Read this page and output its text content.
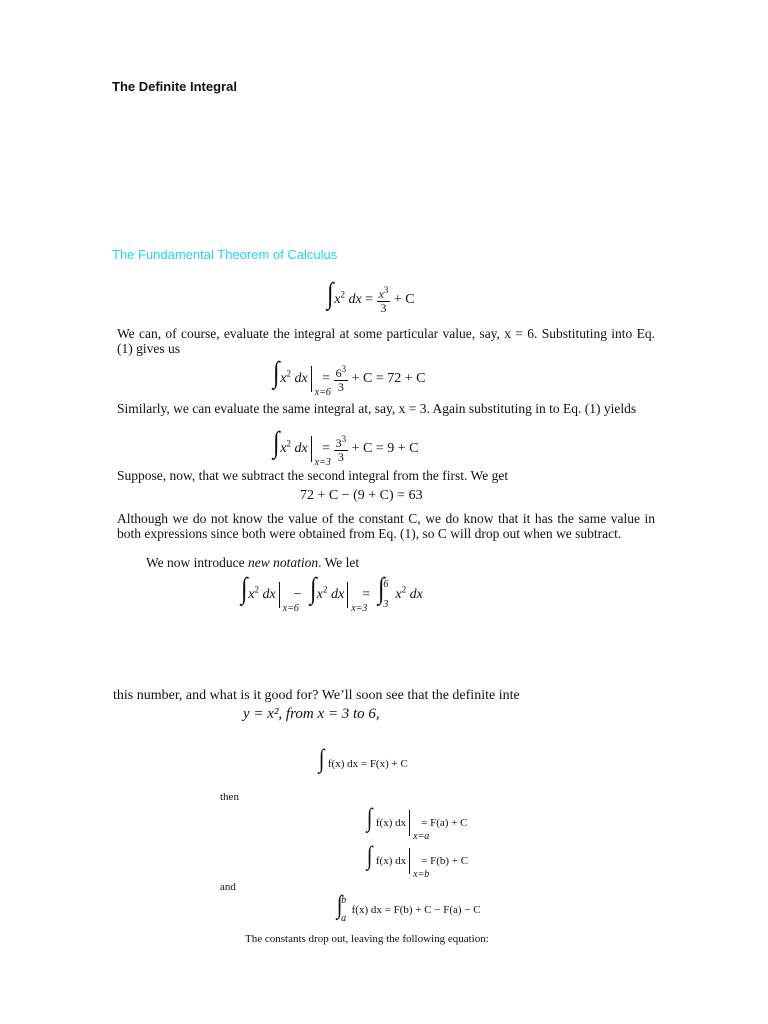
The Definite Integral
The Fundamental Theorem of Calculus
$\int x^2$ dx = $\frac{x^3}{3} + C$
We can, of course, evaluate the integral at some particular value, say, x = 6. Substituting into Eq. (1) gives us
$\int x^2$ dx
x=6
= $\frac{6^3}{3} + C = 72 + C$
Similarly, we can evaluate the same integral at, say, x = 3. Again substituting in to Eq. (1) yields
$\int x^2$ dx
x=3
= $\frac{3^3}{3} + C = 9 + C$
Suppose, now, that we subtract the second integral from the first. We get
72 + C − (9 + C) = 63
Although we do not know the value of the constant C, we do know that it has the same value in both expressions since both were obtained from Eq. (1), so C will drop out when we subtract.
We now introduce new notation. We let
$\int x^2$ dx
x=6
−  $\int x^2$ dx
x=3
=  ∫
6
3
$x^2$ dx
this number, and what is it good for? We’ll soon see that the definite inte
y = x², from x = 3 to 6,
∫ f(x) dx = F(x) + C
then
∫ f(x) dx
x=a
= F(a) + C
∫ f(x) dx
x=b
= F(b) + C
and
∫
b
a
f(x) dx = F(b) + C − F(a) − C
The constants drop out, leaving the following equation:
